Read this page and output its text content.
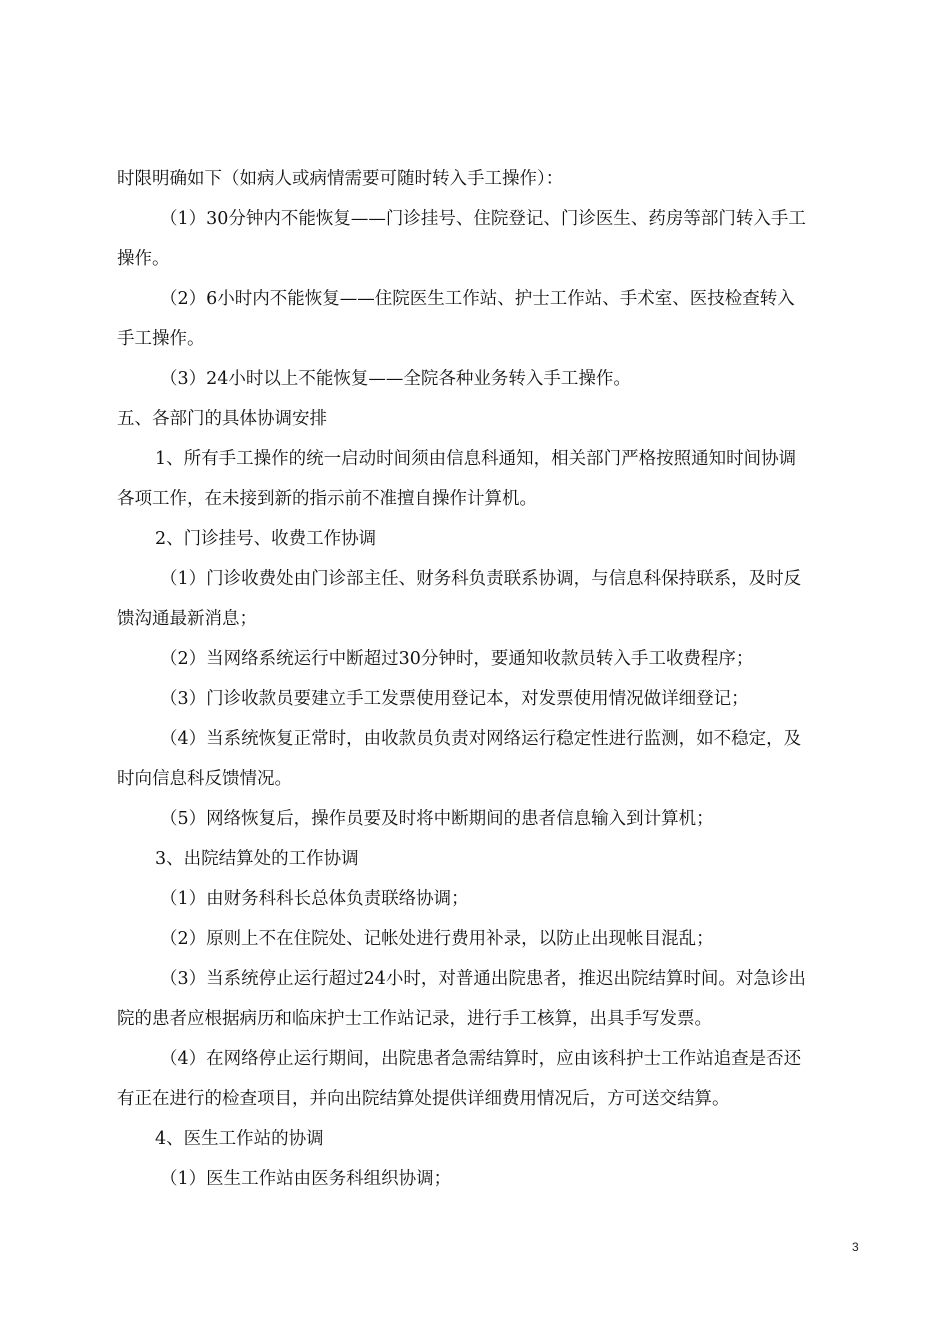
时限明确如下（如病人或病情需要可随时转入手工操作）：
（1）30分钟内不能恢复——门诊挂号、住院登记、门诊医生、药房等部门转入手工
操作。
（2）6小时内不能恢复——住院医生工作站、护士工作站、手术室、医技检查转入
手工操作。
（3）24小时以上不能恢复——全院各种业务转入手工操作。
五、各部门的具体协调安排
1、所有手工操作的统一启动时间须由信息科通知，相关部门严格按照通知时间协调
各项工作，在未接到新的指示前不准擅自操作计算机。
2、门诊挂号、收费工作协调
（1）门诊收费处由门诊部主任、财务科负责联系协调，与信息科保持联系，及时反
馈沟通最新消息；
（2）当网络系统运行中断超过30分钟时，要通知收款员转入手工收费程序；
（3）门诊收款员要建立手工发票使用登记本，对发票使用情况做详细登记；
（4）当系统恢复正常时，由收款员负责对网络运行稳定性进行监测，如不稳定，及
时向信息科反馈情况。
（5）网络恢复后，操作员要及时将中断期间的患者信息输入到计算机；
3、出院结算处的工作协调
（1）由财务科科长总体负责联络协调；
（2）原则上不在住院处、记帐处进行费用补录，以防止出现帐目混乱；
（3）当系统停止运行超过24小时，对普通出院患者，推迟出院结算时间。对急诊出
院的患者应根据病历和临床护士工作站记录，进行手工核算，出具手写发票。
（4）在网络停止运行期间，出院患者急需结算时，应由该科护士工作站追查是否还
有正在进行的检查项目，并向出院结算处提供详细费用情况后，方可送交结算。
4、医生工作站的协调
（1）医生工作站由医务科组织协调；
3
